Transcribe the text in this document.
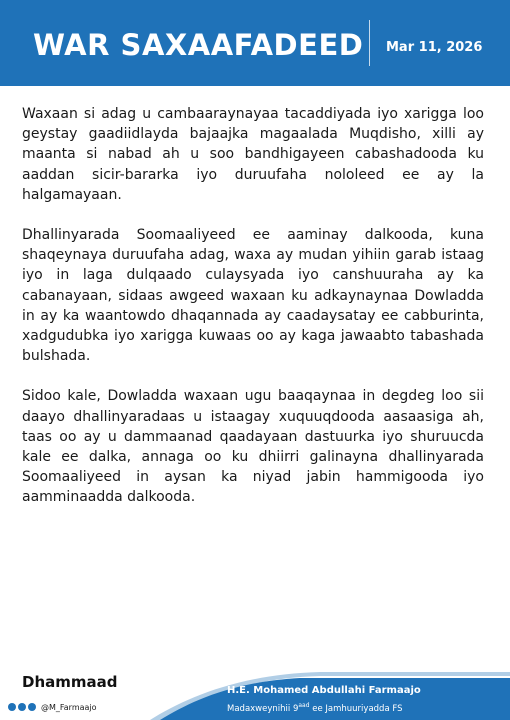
WAR SAXAAFADEED Mar 11, 2026

Waxaan si adag u cambaaraynayaa tacaddiyada iyo xarigga loo geystay gaadiidlayda bajaajka magaalada Muqdisho, xilli ay maanta si nabad ah u soo bandhigayeen cabashadooda ku aaddan sicir-bararka iyo duruufaha nololeed ee ay la halgamayaan.

Dhallinyarada Soomaaliyeed ee aaminay dalkooda, kuna shaqeynaya duruufaha adag, waxa ay mudan yihiin garab istaag iyo in laga dulqaado culaysyada iyo canshuuraha ay ka cabanayaan, sidaas awgeed waxaan ku adkaynaynaa Dowladda in ay ka waantowdo dhaqannada ay caadaysatay ee cabburinta, xadgudubka iyo xarigga kuwaas oo ay kaga jawaabto tabashada bulshada.

Sidoo kale, Dowladda waxaan ugu baaqaynaa in degdeg loo sii daayo dhallinyaradaas u istaagay xuquuqdooda aasaasiga ah, taas oo ay u dammaanad qaadayaan dastuurka iyo shuruucda kale ee dalka, annaga oo ku dhiirri galinayna dhallinyarada Soomaaliyeed in aysan ka niyad jabin hammigooda iyo aamminaadda dalkooda.

Dhammaad
@M_Farmaajo
H.E. Mohamed Abdullahi Farmaajo
Madaxweynihii $9^{aad}$ ee Jamhuuriyadda FS
